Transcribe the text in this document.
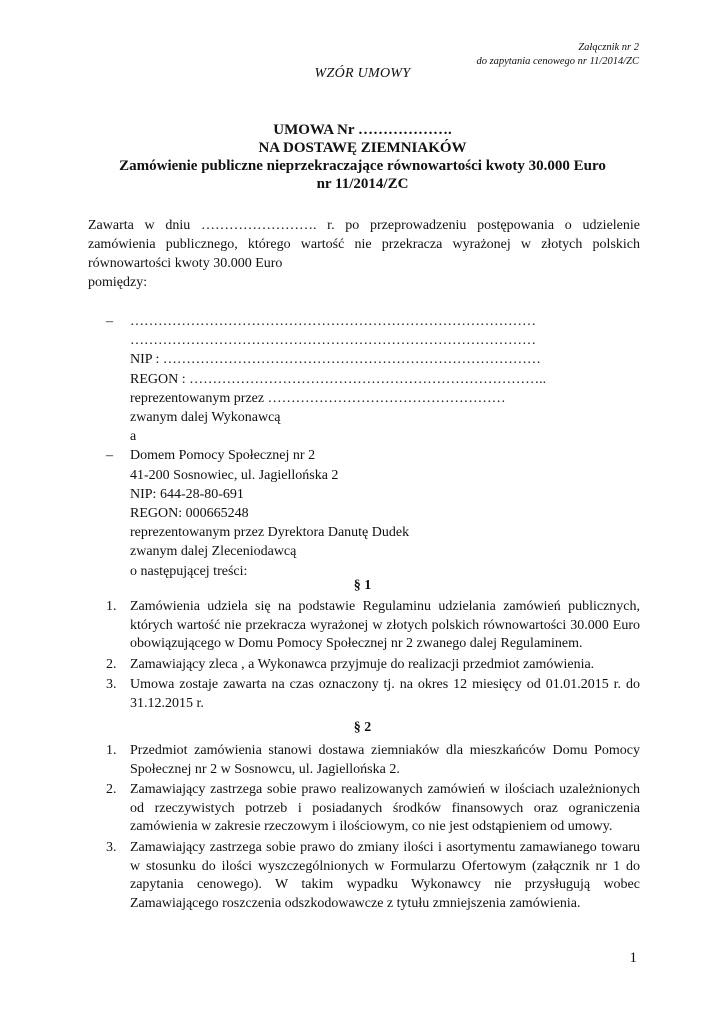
Załącznik nr 2
do zapytania cenowego nr 11/2014/ZC
WZÓR UMOWY
UMOWA Nr ……………….
NA DOSTAWĘ ZIEMNIAKÓW
Zamówienie publiczne nieprzekraczające równowartości kwoty 30.000 Euro
nr 11/2014/ZC
Zawarta w dniu ……………………. r. po przeprowadzeniu postępowania o udzielenie zamówienia publicznego, którego wartość nie przekracza wyrażonej w złotych polskich równowartości kwoty 30.000 Euro
pomiędzy:
– ……………………………………………………………………………
……………………………………………………………………………
NIP : ………………………………………………………………………
REGON : …………………………………………………………………..
reprezentowanym przez ……………………………………………
zwanym dalej Wykonawcą
a
– Domem Pomocy Społecznej nr 2
41-200 Sosnowiec, ul. Jagiellońska 2
NIP: 644-28-80-691
REGON: 000665248
reprezentowanym przez Dyrektora Danutę Dudek
zwanym dalej Zleceniodawcą
o następującej treści:
§ 1
1. Zamówienia udziela się na podstawie Regulaminu udzielania zamówień publicznych, których wartość nie przekracza wyrażonej w złotych polskich równowartości 30.000 Euro obowiązującego w Domu Pomocy Społecznej nr 2 zwanego dalej Regulaminem.
2. Zamawiający zleca , a Wykonawca przyjmuje do realizacji przedmiot zamówienia.
3. Umowa zostaje zawarta na czas oznaczony tj. na okres 12 miesięcy od 01.01.2015 r. do 31.12.2015 r.
§ 2
1. Przedmiot zamówienia stanowi dostawa ziemniaków dla mieszkańców Domu Pomocy Społecznej nr 2 w Sosnowcu, ul. Jagiellońska 2.
2. Zamawiający zastrzega sobie prawo realizowanych zamówień w ilościach uzależnionych od rzeczywistych potrzeb i posiadanych środków finansowych oraz ograniczenia zamówienia w zakresie rzeczowym i ilościowym, co nie jest odstąpieniem od umowy.
3. Zamawiający zastrzega sobie prawo do zmiany ilości i asortymentu zamawianego towaru w stosunku do ilości wyszczególnionych w Formularzu Ofertowym (załącznik nr 1 do zapytania cenowego). W takim wypadku Wykonawcy nie przysługują wobec Zamawiającego roszczenia odszkodowawcze z tytułu zmniejszenia zamówienia.
1
